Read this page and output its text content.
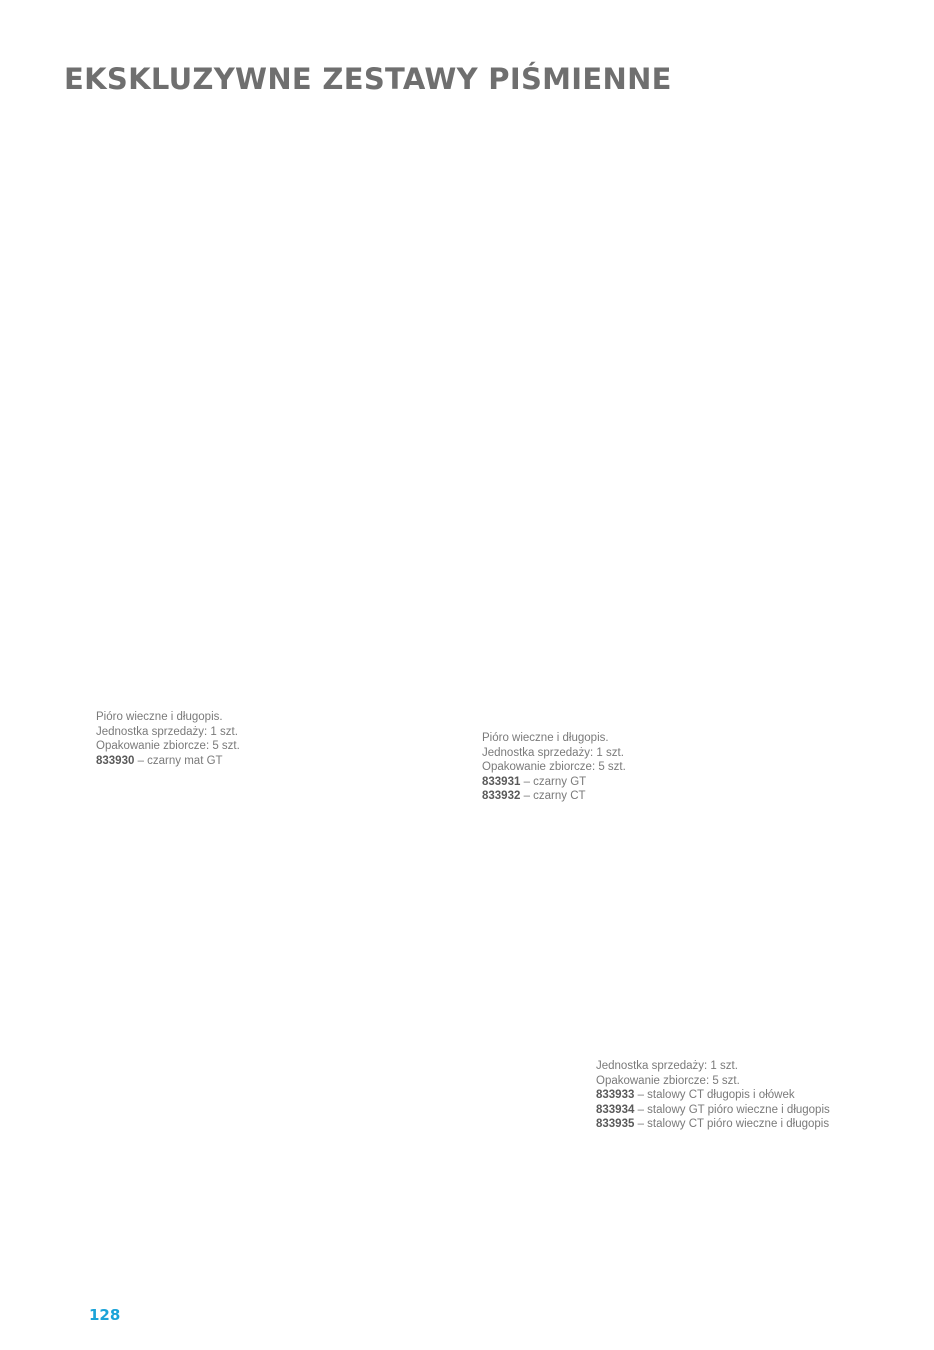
EKSKLUZYWNE ZESTAWY PIŚMIENNE
Pióro wieczne i długopis.
Jednostka sprzedaży: 1 szt.
Opakowanie zbiorcze: 5 szt.
833930 – czarny mat GT
Pióro wieczne i długopis.
Jednostka sprzedaży: 1 szt.
Opakowanie zbiorcze: 5 szt.
833931 – czarny GT
833932 – czarny CT
Jednostka sprzedaży: 1 szt.
Opakowanie zbiorcze: 5 szt.
833933 – stalowy CT długopis i ołówek
833934 – stalowy GT pióro wieczne i długopis
833935 – stalowy CT pióro wieczne i długopis
128
